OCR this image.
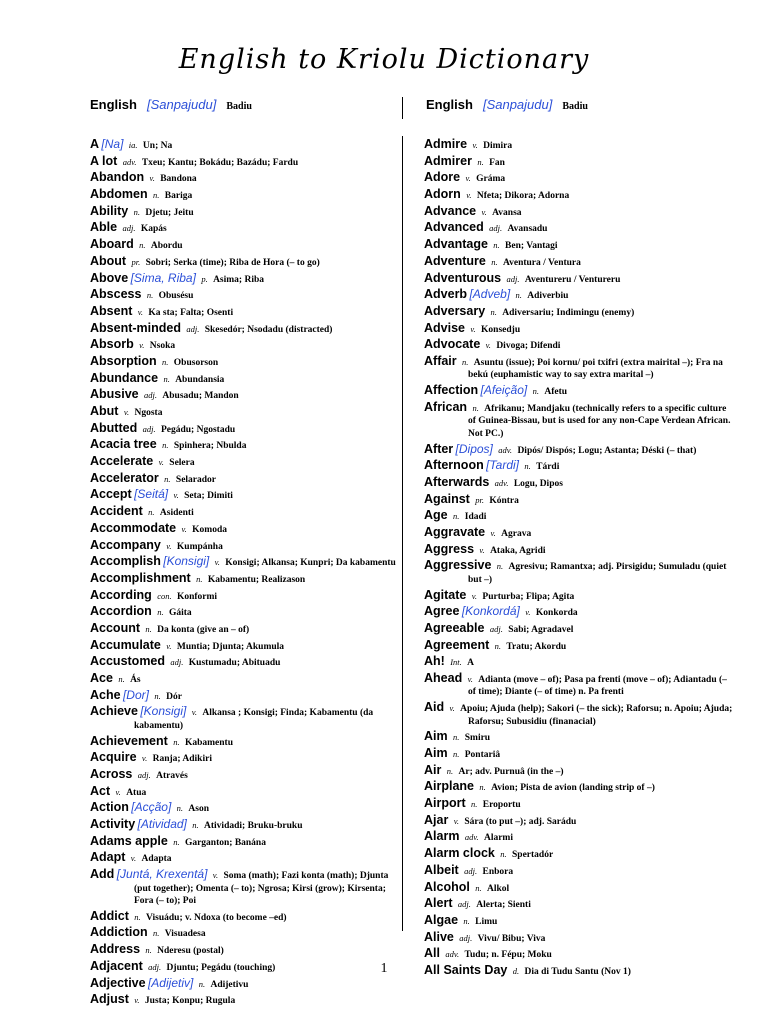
English to Kriolu Dictionary
English [Sanpajudu] Badiu	English [Sanpajudu] Badiu
A [Na] ia. Un; Na
A lot adv. Txeu; Kantu; Bokádu; Bazádu; Fardu
Abandon v. Bandona
Abdomen n. Bariga
Ability n. Djetu; Jeitu
Able adj. Kapás
Aboard n. Abordu
About pr. Sobri; Serka (time); Riba de Hora (– to go)
Above [Sima, Riba] p. Asima; Riba
Abscess n. Obusésu
Absent v. Ka sta; Falta; Osenti
Absent-minded adj. Skesedór; Nsodadu (distracted)
Absorb v. Nsoka
Absorption n. Obusorson
Abundance n. Abundansia
Abusive adj. Abusadu; Mandon
Abut v. Ngosta
Abutted adj. Pegádu; Ngostadu
Acacia tree n. Spinhera; Nbulda
Accelerate v. Selera
Accelerator n. Selarador
Accept [Seitá] v. Seta; Dimiti
Accident n. Asidenti
Accommodate v. Komoda
Accompany v. Kumpánha
Accomplish [Konsigi] v. Konsigi; Alkansa; Kunpri; Da kabamentu
Accomplishment n. Kabamentu; Realizason
According con. Konformi
Accordion n. Gáita
Account n. Da konta (give an – of)
Accumulate v. Muntia; Djunta; Akumula
Accustomed adj. Kustumadu; Abituadu
Ace n. Ás
Ache [Dor] n. Dór
Achieve [Konsigi] v. Alkansa ; Konsigi; Finda; Kabamentu (da kabamentu)
Achievement n. Kabamentu
Acquire v. Ranja; Adikiri
Across adj. Através
Act v. Atua
Action [Acção] n. Ason
Activity [Atividad] n. Atividadi; Bruku-bruku
Adams apple n. Garganton; Banána
Adapt v. Adapta
Add [Juntá, Krexentá] v. Soma (math); Fazi konta (math); Djunta (put together); Omenta (– to); Ngrosa; Kirsi (grow); Kirsenta; Fora (– to); Poi
Addict n. Visuádu; v. Ndoxa (to become –ed)
Addiction n. Visuadesa
Address n. Nderesu (postal)
Adjacent adj. Djuntu; Pegádu (touching)
Adjective [Adijetiv] n. Adijetivu
Adjust v. Justa; Konpu; Rugula
Admire v. Dimira
Admirer n. Fan
Adore v. Gráma
Adorn v. Nfeta; Dikora; Adorna
Advance v. Avansa
Advanced adj. Avansadu
Advantage n. Ben; Vantagi
Adventure n. Aventura / Ventura
Adventurous adj. Aventureru / Ventureru
Adverb [Adveb] n. Adiverbiu
Adversary n. Adiversariu; Indimingu (enemy)
Advise v. Konsedju
Advocate v. Divoga; Difendi
Affair n. Asuntu (issue); Poi kornu/ poi txifri (extra mairital –); Fra na bekú (euphamistic way to say extra marital –)
Affection [Afeição] n. Afetu
African n. Afrikanu; Mandjaku (technically refers to a specific culture of Guinea-Bissau, but is used for any non-Cape Verdean African. Not PC.)
After [Dipos] adv. Dipós/ Dispós; Logu; Astanta; Déski (– that)
Afternoon [Tardi] n. Tárdi
Afterwards adv. Logu, Dipos
Against pr. Kóntra
Age n. Idadi
Aggravate v. Agrava
Aggress v. Ataka, Agridi
Aggressive n. Agresivu; Ramantxa; adj. Pirsigidu; Sumuladu (quiet but –)
Agitate v. Purturba; Flipa; Agita
Agree [Konkordá] v. Konkorda
Agreeable adj. Sabi; Agradavel
Agreement n. Tratu; Akordu
Ah! Int. A
Ahead v. Adianta (move – of); Pasa pa frenti (move – of); Adiantadu (– of time); Diante (– of time) n. Pa frenti
Aid v. Apoiu; Ajuda (help); Sakori (– the sick); Raforsu; n. Apoiu; Ajuda; Raforsu; Subusidiu (finanacial)
Aim n. Smiru
Aim n. Pontariâ
Air n. Ar; adv. Purnuâ (in the –)
Airplane n. Avion; Pista de avion (landing strip of –)
Airport n. Eroportu
Ajar v. Sára (to put –); adj. Sarádu
Alarm adv. Alarmi
Alarm clock n. Spertadór
Albeit adj. Enbora
Alcohol n. Alkol
Alert adj. Alerta; Sienti
Algae n. Limu
Alive adj. Vivu/ Bibu; Viva
All adv. Tudu; n. Fépu; Moku
All Saints Day d. Dia di Tudu Santu (Nov 1)
1
